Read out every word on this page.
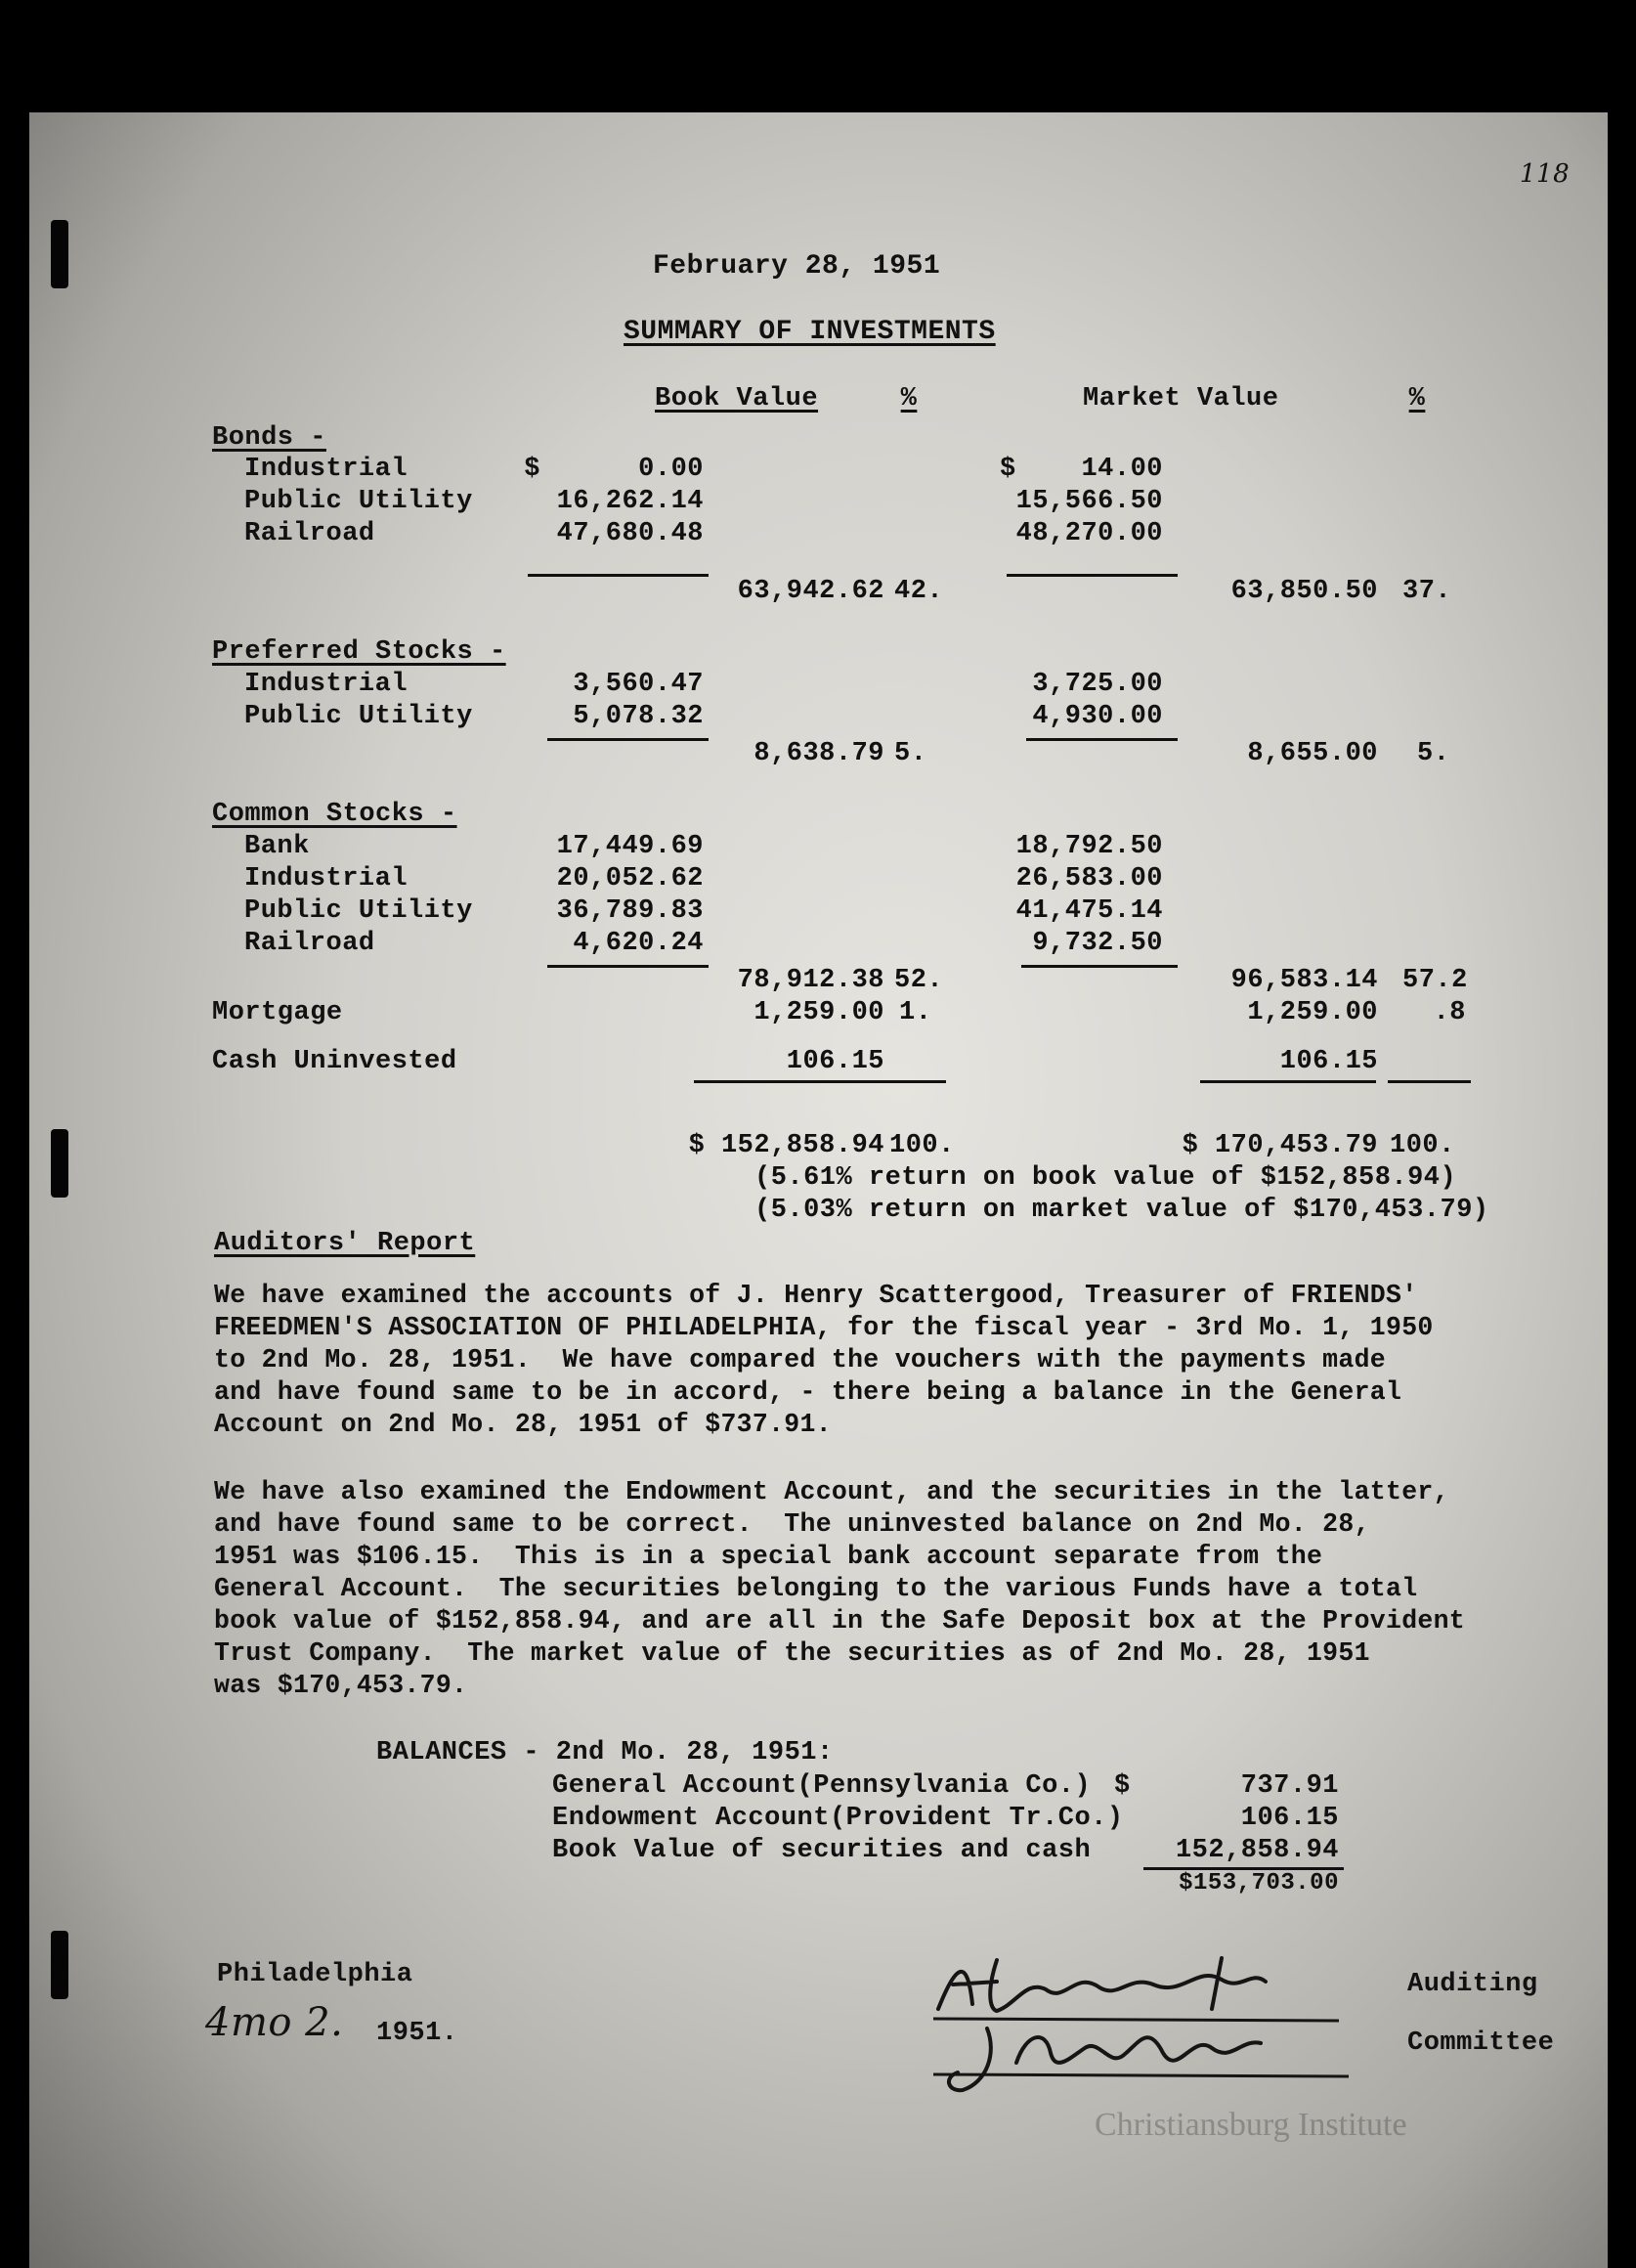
118
February 28, 1951
SUMMARY OF INVESTMENTS
Book Value	%	Market Value	%
Bonds -
Industrial	$      0.00	$    14.00
Public Utility	16,262.14	15,566.50
Railroad	47,680.48	48,270.00
63,942.62 42.	63,850.50 37.
Preferred Stocks -
Industrial	3,560.47	3,725.00
Public Utility	5,078.32	4,930.00
8,638.79 5.	8,655.00 5.
Common Stocks -
Bank	17,449.69	18,792.50
Industrial	20,052.62	26,583.00
Public Utility	36,789.83	41,475.14
Railroad	4,620.24	9,732.50
78,912.38 52.	96,583.14 57.2
Mortgage	1,259.00 1.	1,259.00	.8
Cash Uninvested	106.15	106.15
$ 152,858.94 100.	$ 170,453.79 100.
(5.61% return on book value of $152,858.94)
(5.03% return on market value of $170,453.79)
Auditors' Report
We have examined the accounts of J. Henry Scattergood, Treasurer of FRIENDS'
FREEDMEN'S ASSOCIATION OF PHILADELPHIA, for the fiscal year - 3rd Mo. 1, 1950
to 2nd Mo. 28, 1951.  We have compared the vouchers with the payments made
and have found same to be in accord, - there being a balance in the General
Account on 2nd Mo. 28, 1951 of $737.91.
We have also examined the Endowment Account, and the securities in the latter,
and have found same to be correct.  The uninvested balance on 2nd Mo. 28,
1951 was $106.15.  This is in a special bank account separate from the
General Account.  The securities belonging to the various Funds have a total
book value of $152,858.94, and are all in the Safe Deposit box at the Provident
Trust Company.  The market value of the securities as of 2nd Mo. 28, 1951
was $170,453.79.
BALANCES - 2nd Mo. 28, 1951:
General Account(Pennsylvania Co.) $	737.91
Endowment Account(Provident Tr.Co.)	106.15
Book Value of securities and cash	152,858.94
$153,703.00
Philadelphia
4mo 2. 1951.
Auditing
Committee
Christiansburg Institute
